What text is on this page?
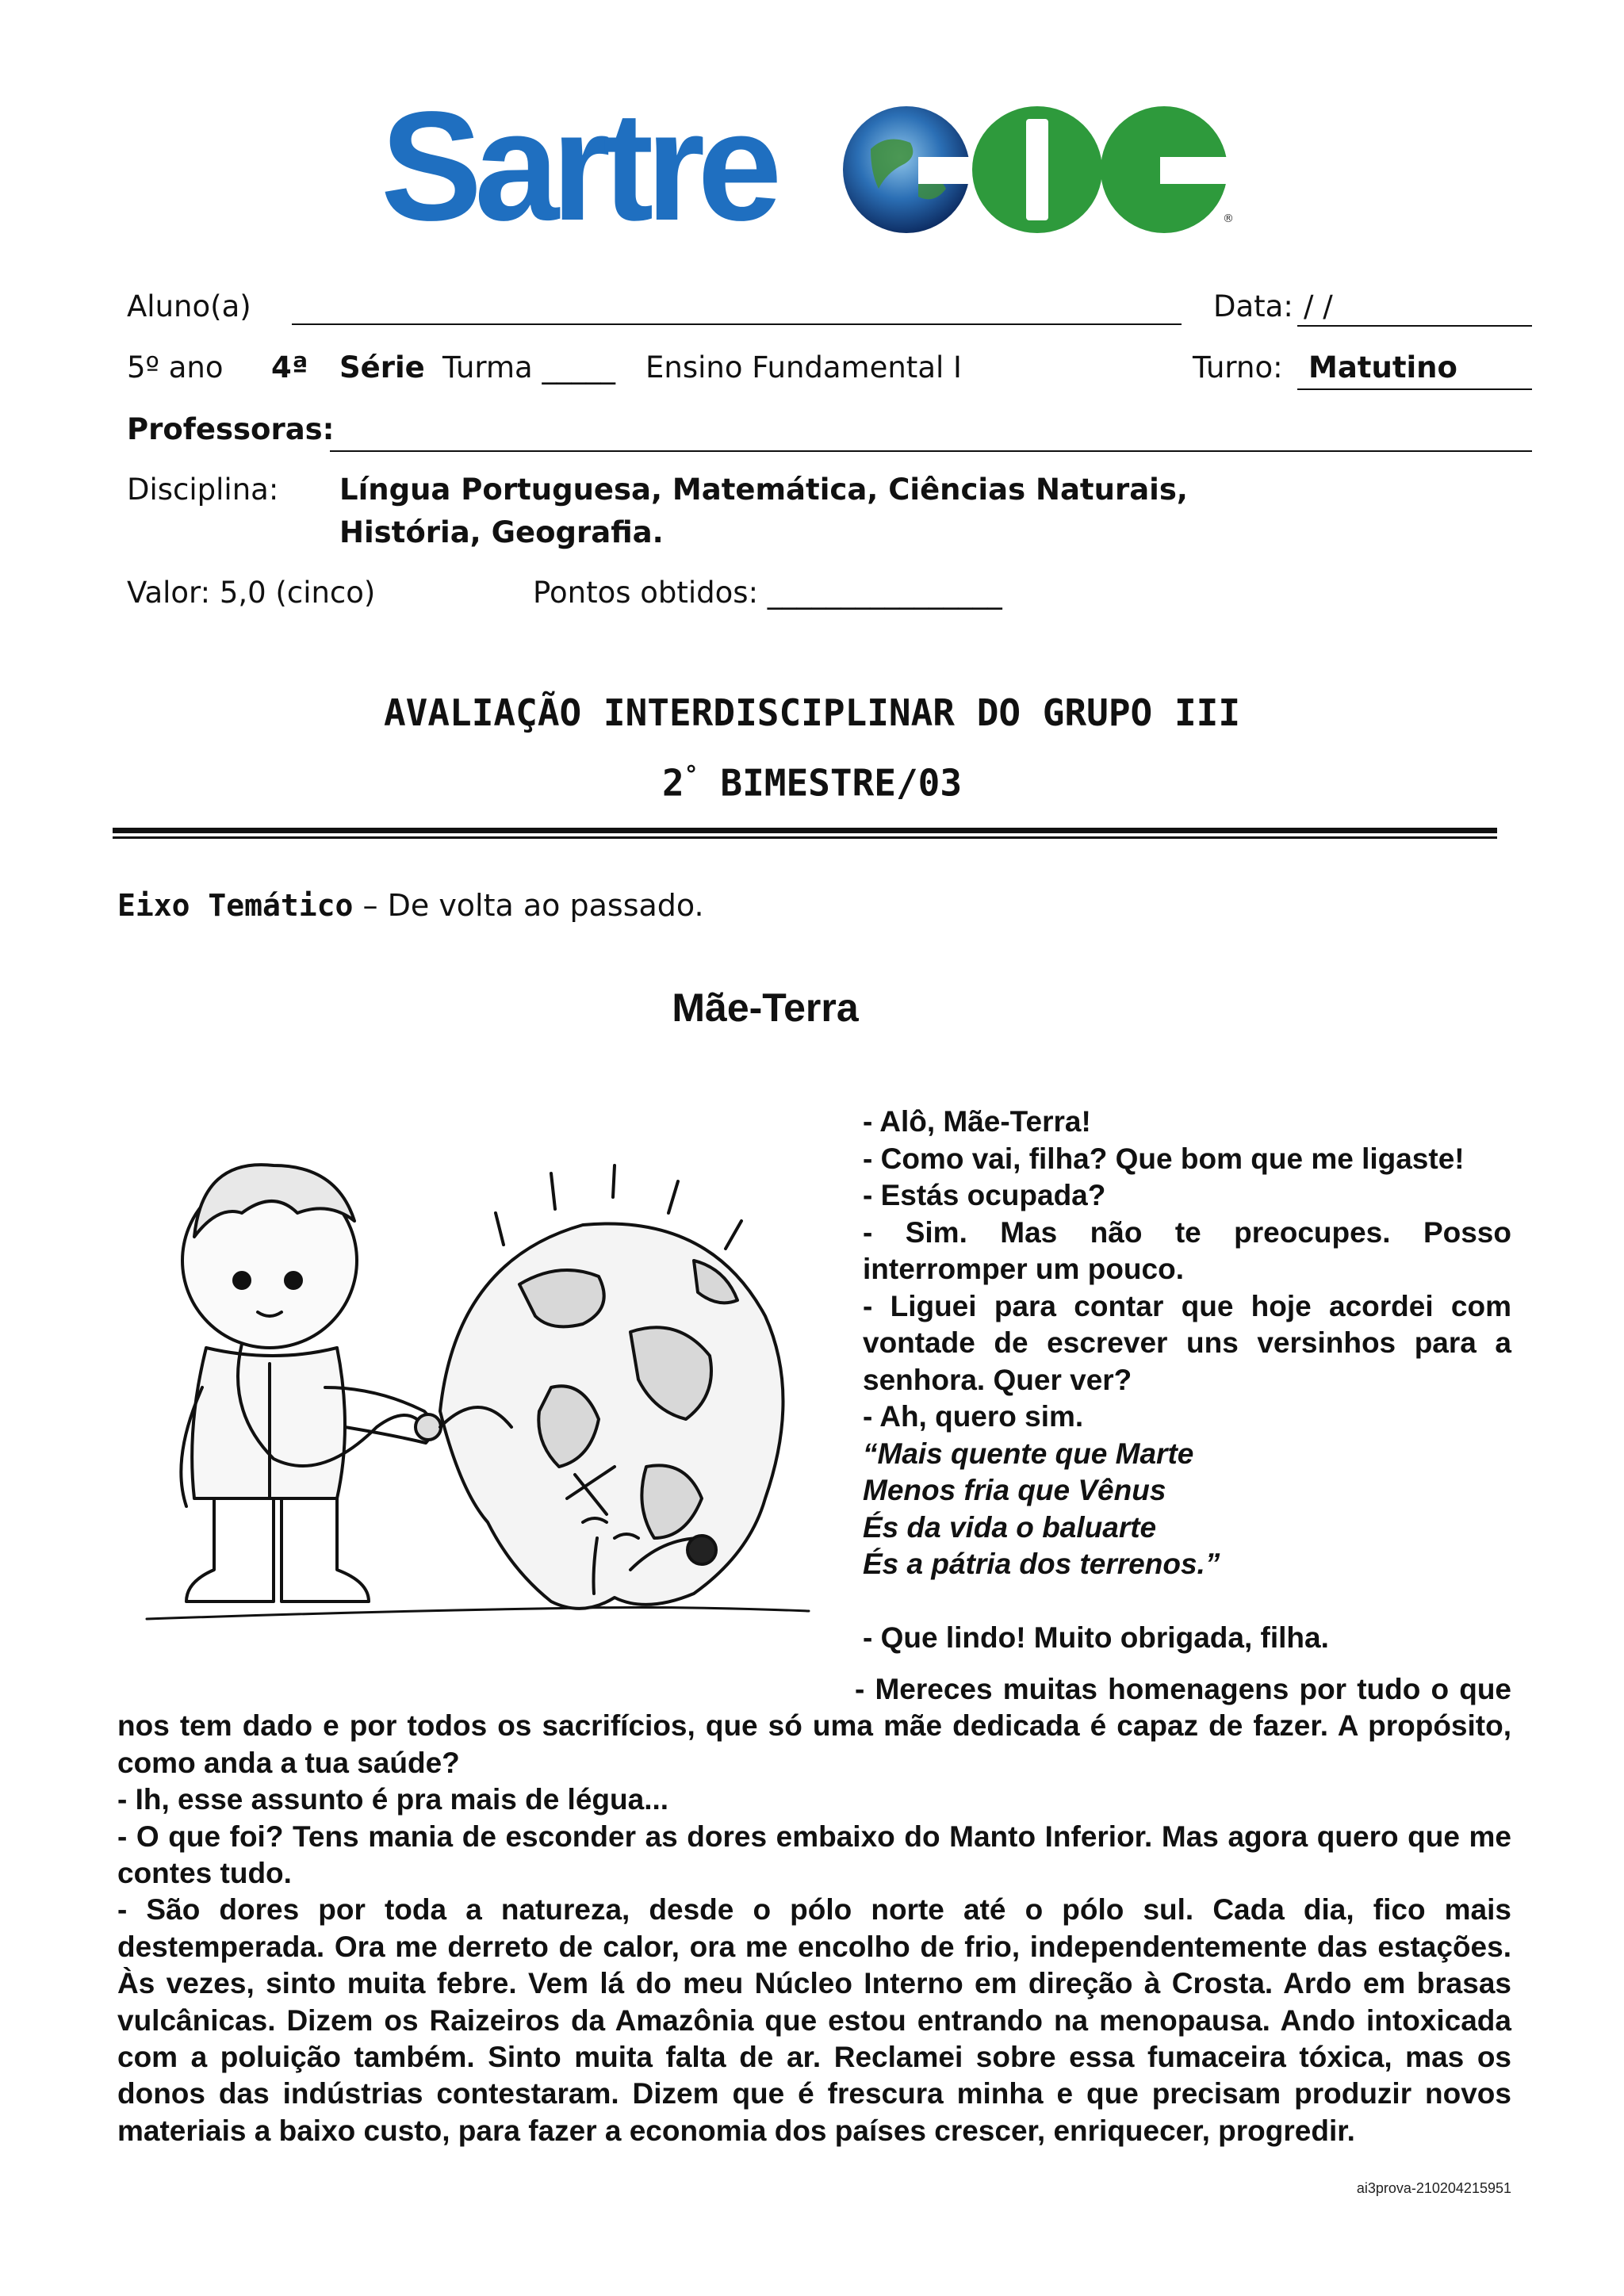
Sartre	®
Aluno(a)	Data: / /
5º ano 4ª Série Turma _____ Ensino Fundamental I	Turno: Matutino
Professoras:
Disciplina: Língua Portuguesa, Matemática, Ciências Naturais,
História, Geografia.
Valor: 5,0 (cinco)	Pontos obtidos: ________________
AVALIAÇÃO INTERDISCIPLINAR DO GRUPO III
2° BIMESTRE/03
Eixo Temático – De volta ao passado.
Mãe-Terra

- Alô, Mãe-Terra!

- Como vai, filha? Que bom que me ligaste!

- Estás ocupada?

- Sim. Mas não te preocupes. Posso interromper um pouco.

- Liguei para contar que hoje acordei com vontade de escrever uns versinhos para a senhora. Quer ver?

- Ah, quero sim.

“Mais quente que Marte

Menos fria que Vênus

És da vida o baluarte

És a pátria dos terrenos.”

- Que lindo! Muito obrigada, filha.

- Mereces muitas homenagens por tudo o que nos tem dado e por todos os sacrifícios, que só uma mãe dedicada é capaz de fazer. A propósito, como anda a tua saúde?

- Ih, esse assunto é pra mais de légua...

- O que foi? Tens mania de esconder as dores embaixo do Manto Inferior. Mas agora quero que me contes tudo.

- São dores por toda a natureza, desde o pólo norte até o pólo sul. Cada dia, fico mais destemperada. Ora me derreto de calor, ora me encolho de frio, independentemente das estações. Às vezes, sinto muita febre. Vem lá do meu Núcleo Interno em direção à Crosta. Ardo em brasas vulcânicas. Dizem os Raizeiros da Amazônia que estou entrando na menopausa. Ando intoxicada com a poluição também. Sinto muita falta de ar. Reclamei sobre essa fumaceira tóxica, mas os donos das indústrias contestaram. Dizem que é frescura minha e que precisam produzir novos materiais a baixo custo, para fazer a economia dos países crescer, enriquecer, progredir.

ai3prova-210204215951
